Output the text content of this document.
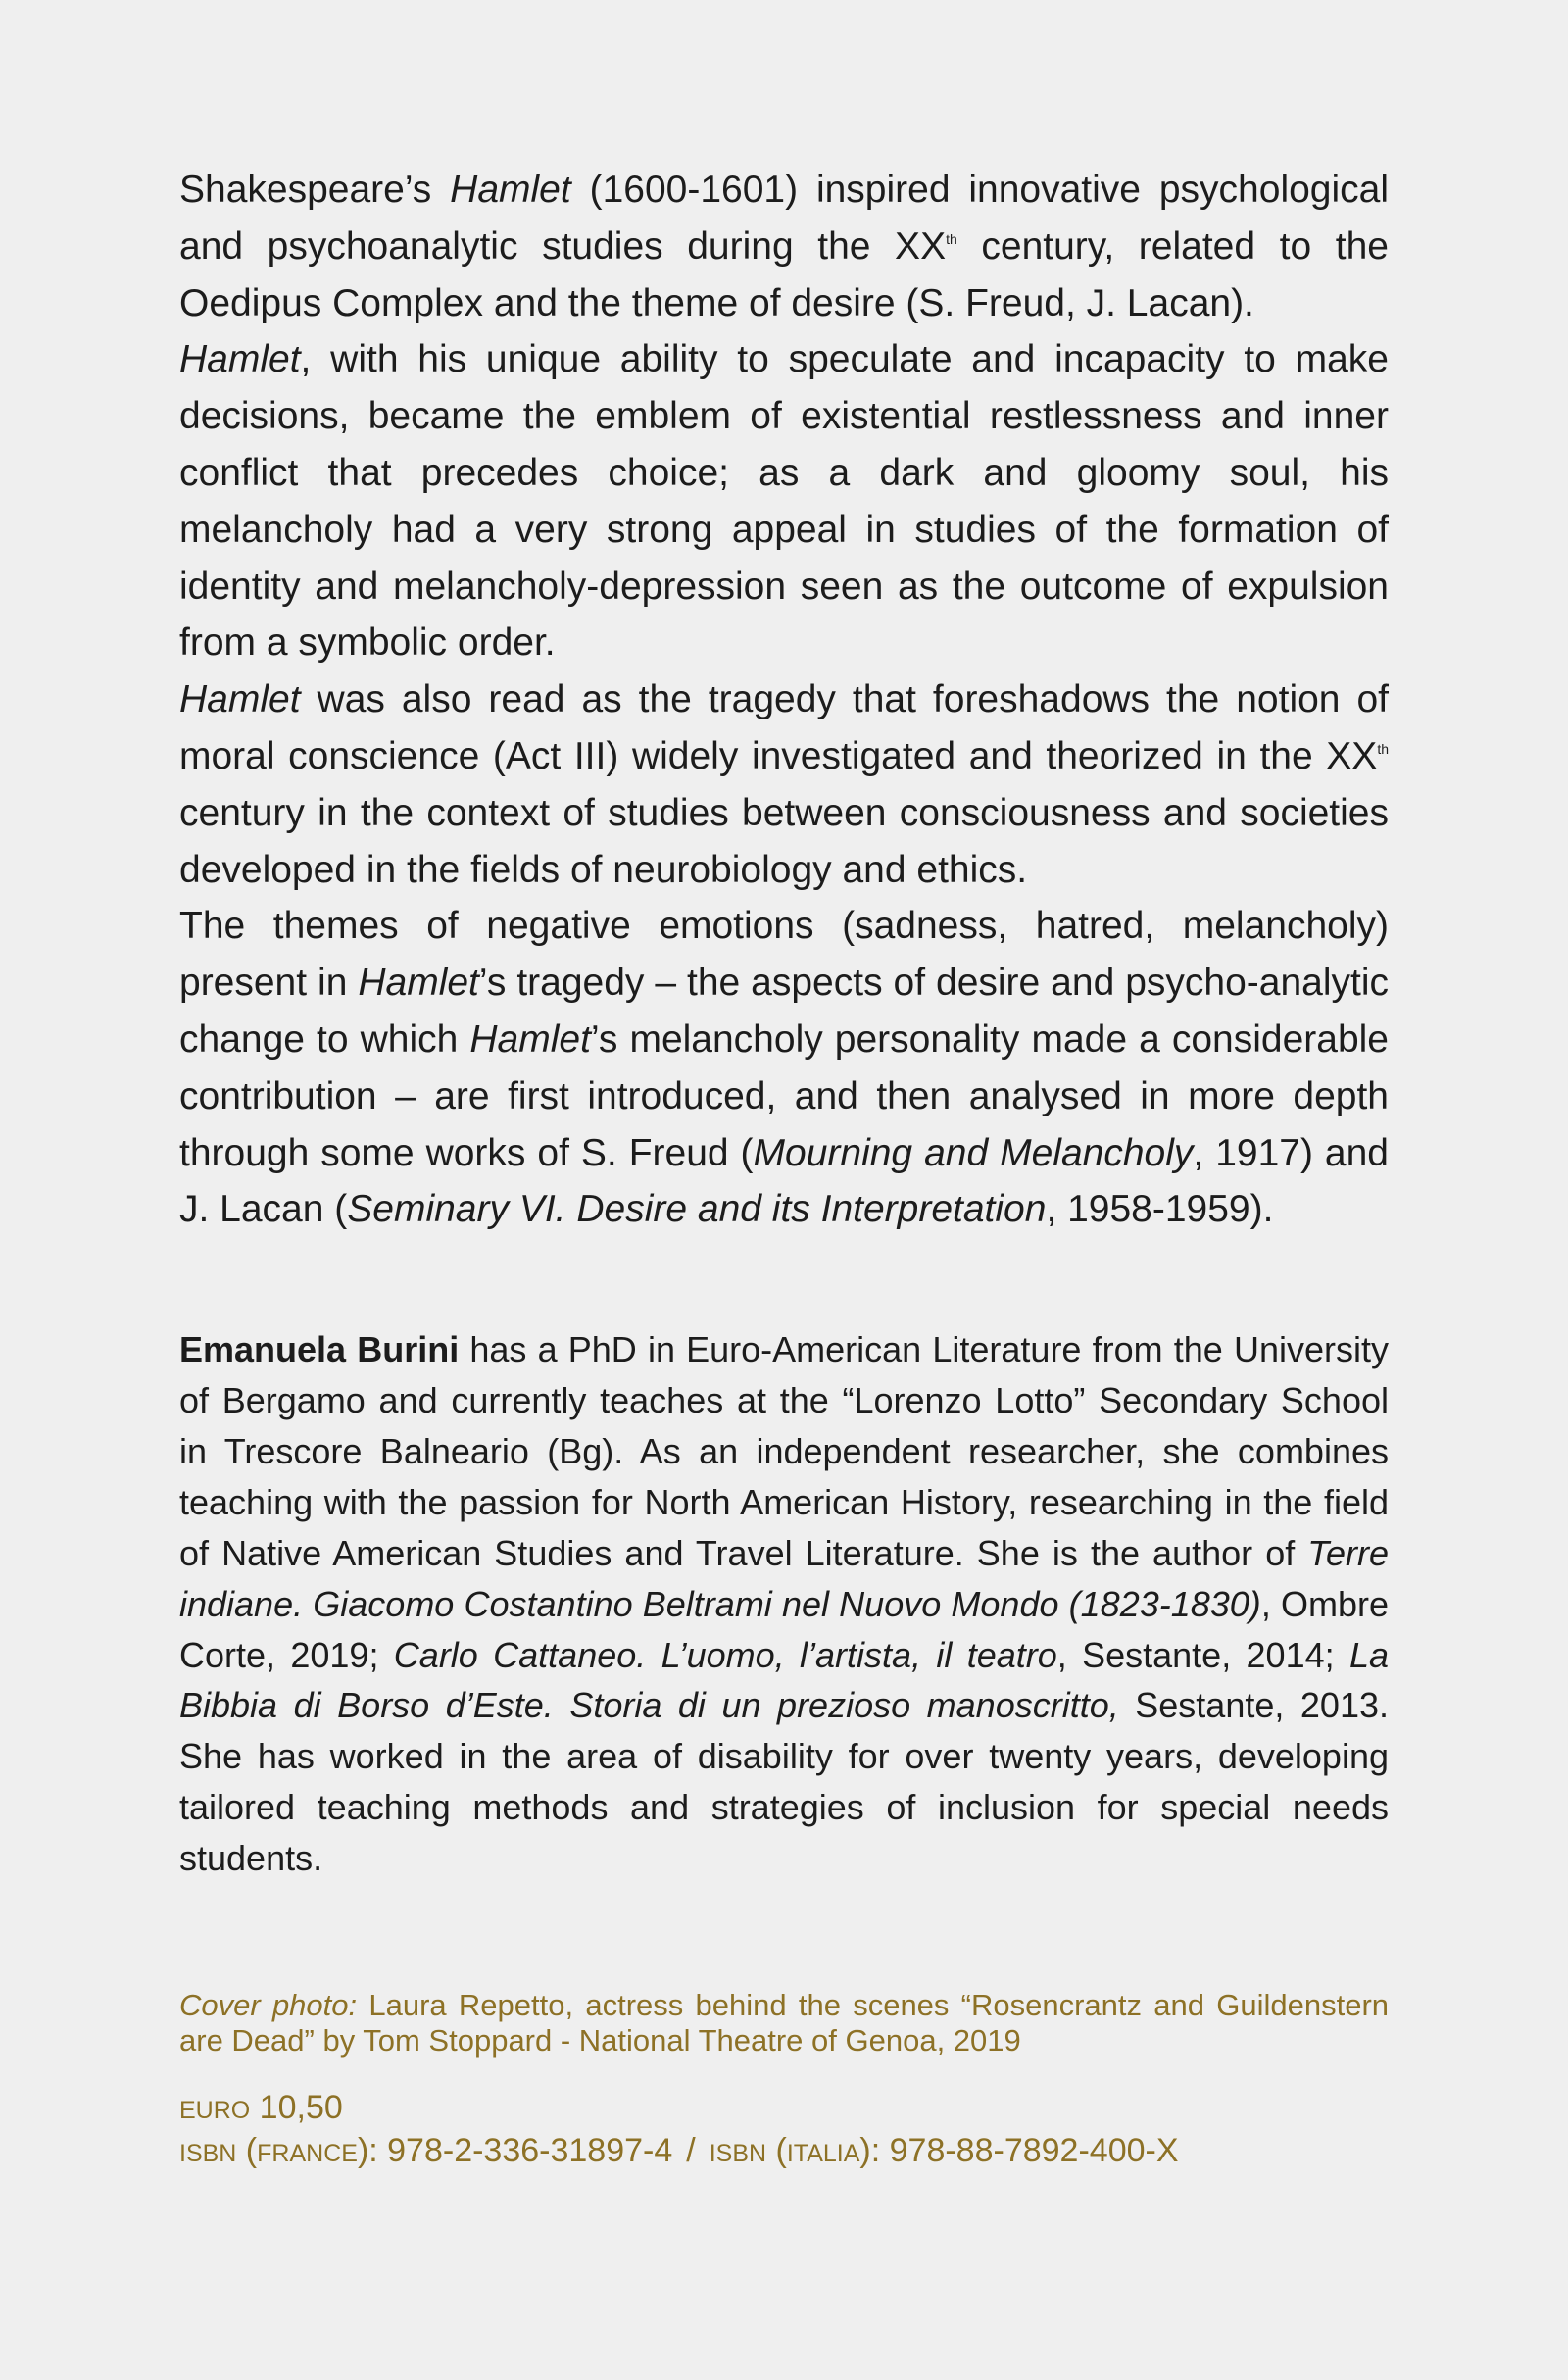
Shakespeare’s Hamlet (1600-1601) inspired innovative psychological and psychoanalytic studies during the XXth century, related to the Oedipus Complex and the theme of desire (S. Freud, J. Lacan).

Hamlet, with his unique ability to speculate and incapacity to make decisions, became the emblem of existential restlessness and inner conflict that precedes choice; as a dark and gloomy soul, his melancholy had a very strong appeal in studies of the formation of identity and melancholy-depression seen as the outcome of expulsion from a symbolic order.

Hamlet was also read as the tragedy that foreshadows the notion of moral conscience (Act III) widely investigated and theorized in the XXth century in the context of studies between consciousness and societies developed in the fields of neurobiology and ethics.

The themes of negative emotions (sadness, hatred, melancholy) present in Hamlet’s tragedy – the aspects of desire and psycho-analytic change to which Hamlet’s melancholy personality made a considerable contribution – are first introduced, and then analysed in more depth through some works of S. Freud (Mourning and Melancholy, 1917) and J. Lacan (Seminary VI. Desire and its Interpretation, 1958-1959).

Emanuela Burini has a PhD in Euro-American Literature from the University of Bergamo and currently teaches at the “Lorenzo Lotto” Secondary School in Trescore Balneario (Bg). As an independent researcher, she combines teaching with the passion for North American History, researching in the field of Native American Studies and Travel Literature. She is the author of Terre indiane. Giacomo Costantino Beltrami nel Nuovo Mondo (1823-1830), Ombre Corte, 2019; Carlo Cattaneo. L’uomo, l’artista, il teatro, Sestante, 2014; La Bibbia di Borso d’Este. Storia di un prezioso manoscritto, Sestante, 2013. She has worked in the area of disability for over twenty years, developing tailored teaching methods and strategies of inclusion for special needs students.

Cover photo: Laura Repetto, actress behind the scenes “Rosencrantz and Guildenstern are Dead” by Tom Stoppard - National Theatre of Genoa, 2019

EURO 10,50
ISBN (FRANCE): 978-2-336-31897-4 / ISBN (ITALIA): 978-88-7892-400-X
